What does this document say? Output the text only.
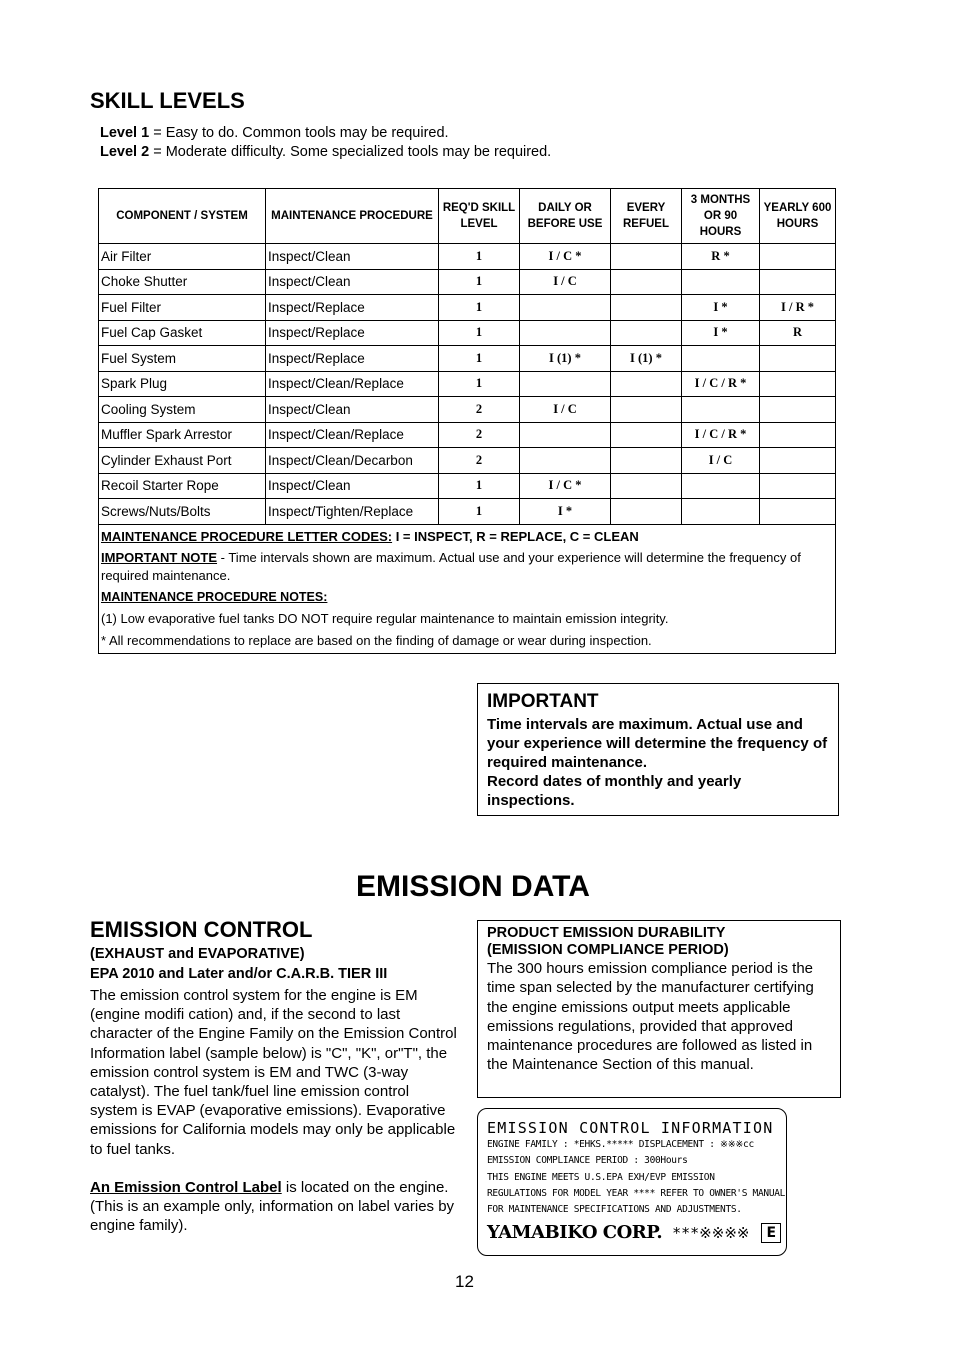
SKILL LEVELS
Level 1 = Easy to do. Common tools may be required.
Level 2 = Moderate difficulty. Some specialized tools may be required.
COMPONENT / SYSTEM	MAINTENANCE PROCEDURE	REQ'D SKILL LEVEL	DAILY OR BEFORE USE	EVERY REFUEL	3 MONTHS OR 90 HOURS	YEARLY 600 HOURS
Air Filter	Inspect/Clean	1	I / C *		R *	
Choke Shutter	Inspect/Clean	1	I / C			
Fuel Filter	Inspect/Replace	1			I *	I / R *
Fuel Cap Gasket	Inspect/Replace	1			I *	R
Fuel System	Inspect/Replace	1	I (1) *	I (1) *		
Spark Plug	Inspect/Clean/Replace	1			I / C / R *	
Cooling System	Inspect/Clean	2	I / C			
Muffler Spark Arrestor	Inspect/Clean/Replace	2			I / C / R *	
Cylinder Exhaust Port	Inspect/Clean/Decarbon	2			I / C	
Recoil Starter Rope	Inspect/Clean	1	I / C *			
Screws/Nuts/Bolts	Inspect/Tighten/Replace	1	I *			

MAINTENANCE PROCEDURE LETTER CODES: I = INSPECT, R = REPLACE, C = CLEAN
IMPORTANT NOTE - Time intervals shown are maximum. Actual use and your experience will determine the frequency of required maintenance.
MAINTENANCE PROCEDURE NOTES:
(1) Low evaporative fuel tanks DO NOT require regular maintenance to maintain emission integrity.
* All recommendations to replace are based on the finding of damage or wear during inspection.						
IMPORTANT
Time intervals are maximum. Actual use and your experience will determine the frequency of required maintenance.
Record dates of monthly and yearly inspections.
EMISSION DATA
EMISSION CONTROL
(EXHAUST and EVAPORATIVE)
EPA 2010 and Later and/or C.A.R.B. TIER III
The emission control system for the engine is EM (engine modifi cation) and, if the second to last character of the Engine Family on the Emission Control Information label (sample below) is "C", "K", or"T", the emission control system is EM and TWC (3-way catalyst). The fuel tank/fuel line emission control system is EVAP (evaporative emissions). Evaporative emissions for California models may only be applicable to fuel tanks.
An Emission Control Label is located on the engine. (This is an example only, information on label varies by engine family).
PRODUCT EMISSION DURABILITY
(EMISSION COMPLIANCE PERIOD)
The 300 hours emission compliance period is the time span selected by the manufacturer certifying the engine emissions output meets applicable emissions regulations, provided that approved maintenance procedures are followed as listed in the Maintenance Section of this manual.
EMISSION CONTROL INFORMATION
ENGINE FAMILY : *EHKS.***** DISPLACEMENT : ※※※cc
EMISSION COMPLIANCE PERIOD : 300Hours
THIS ENGINE MEETS U.S.EPA EXH/EVP EMISSION
REGULATIONS FOR MODEL YEAR **** REFER TO OWNER'S MANUAL
FOR MAINTENANCE SPECIFICATIONS AND ADJUSTMENTS.
YAMABIKO CORP. ***※※※※	E
12
